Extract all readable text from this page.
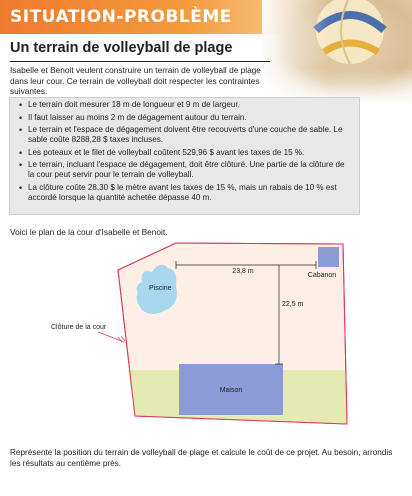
SITUATION-PROBLÈME
Un terrain de volleyball de plage
Isabelle et Benoit veulent construire un terrain de volleyball de plage dans leur cour. Ce terrain de volleyball doit respecter les contraintes suivantes.
• Le terrain doit mesurer 18 m de longueur et 9 m de largeur.
• Il faut laisser au moins 2 m de dégagement autour du terrain.
• Le terrain et l'espace de dégagement doivent être recouverts d'une couche de sable. Le sable coûte 8288,28 $ taxes incluses.
• Les poteaux et le filet de volleyball coûtent 529,96 $ avant les taxes de 15 %.
• Le terrain, incluant l'espace de dégagement, doit être clôturé. Une partie de la clôture de la cour peut servir pour le terrain de volleyball.
• La clôture coûte 28,30 $ le mètre avant les taxes de 15 %, mais un rabais de 10 % est accordé lorsque la quantité achetée dépasse 40 m.
Voici le plan de la cour d'Isabelle et Benoit.
Maison
Piscine
Cabanon
23,8 m
22,5 m
Clôture de la cour
Représente la position du terrain de volleyball de plage et calcule le coût de ce projet. Au besoin, arrondis les résultats au centième près.
